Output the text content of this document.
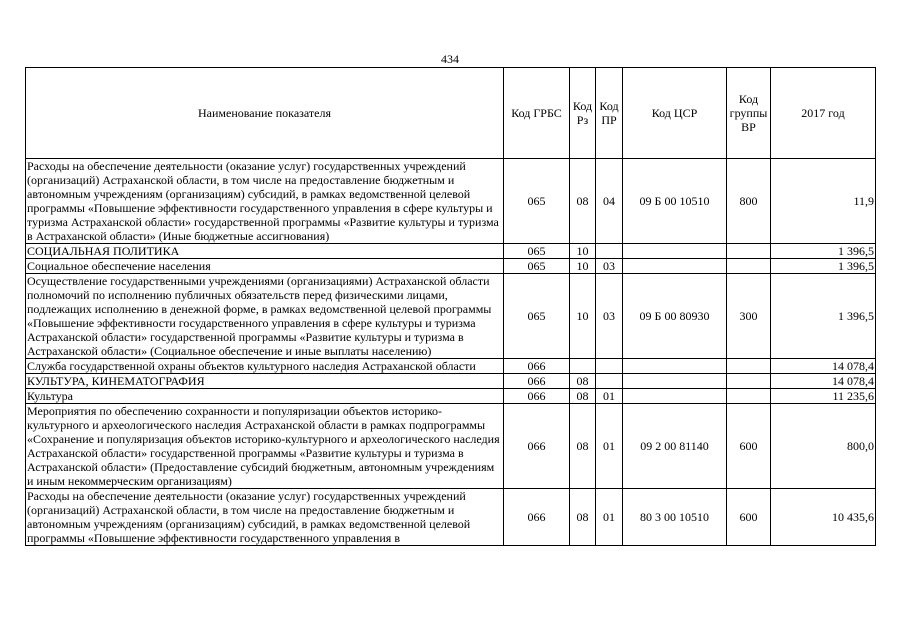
434
Наименование показателя	Код ГРБС	Код Рз	Код ПР	Код ЦСР	Код группы ВР	2017 год
Расходы на обеспечение деятельности (оказание услуг) государственных учреждений (организаций) Астраханской области, в том числе на предоставление бюджетным и автономным учреждениям (организациям) субсидий, в рамках ведомственной целевой программы «Повышение эффективности государственного управления в сфере культуры и туризма Астраханской области» государственной программы «Развитие культуры и туризма в Астраханской области» (Иные бюджетные ассигнования)	065	08	04	09 Б 00 10510	800	11,9
СОЦИАЛЬНАЯ ПОЛИТИКА	065	10				1 396,5
Социальное обеспечение населения	065	10	03			1 396,5
Осуществление государственными учреждениями (организациями) Астраханской области полномочий по исполнению публичных обязательств перед физическими лицами, подлежащих исполнению в денежной форме, в рамках ведомственной целевой программы «Повышение эффективности государственного управления в сфере культуры и туризма Астраханской области» государственной программы «Развитие культуры и туризма в Астраханской области» (Социальное обеспечение и иные выплаты населению)	065	10	03	09 Б 00 80930	300	1 396,5
Служба государственной охраны объектов культурного наследия Астраханской области	066					14 078,4
КУЛЬТУРА, КИНЕМАТОГРАФИЯ	066	08				14 078,4
Культура	066	08	01			11 235,6
Мероприятия по обеспечению сохранности и популяризации объектов историко-культурного и археологического наследия Астраханской области в рамках подпрограммы «Сохранение и популяризация объектов историко-культурного и археологического наследия Астраханской области» государственной программы «Развитие культуры и туризма в Астраханской области» (Предоставление субсидий бюджетным, автономным учреждениям и иным некоммерческим организациям)	066	08	01	09 2 00 81140	600	800,0
Расходы на обеспечение деятельности (оказание услуг) государственных учреждений (организаций) Астраханской области, в том числе на предоставление бюджетным и автономным учреждениям (организациям) субсидий, в рамках ведомственной целевой программы «Повышение эффективности государственного управления в	066	08	01	80 3 00 10510	600	10 435,6
